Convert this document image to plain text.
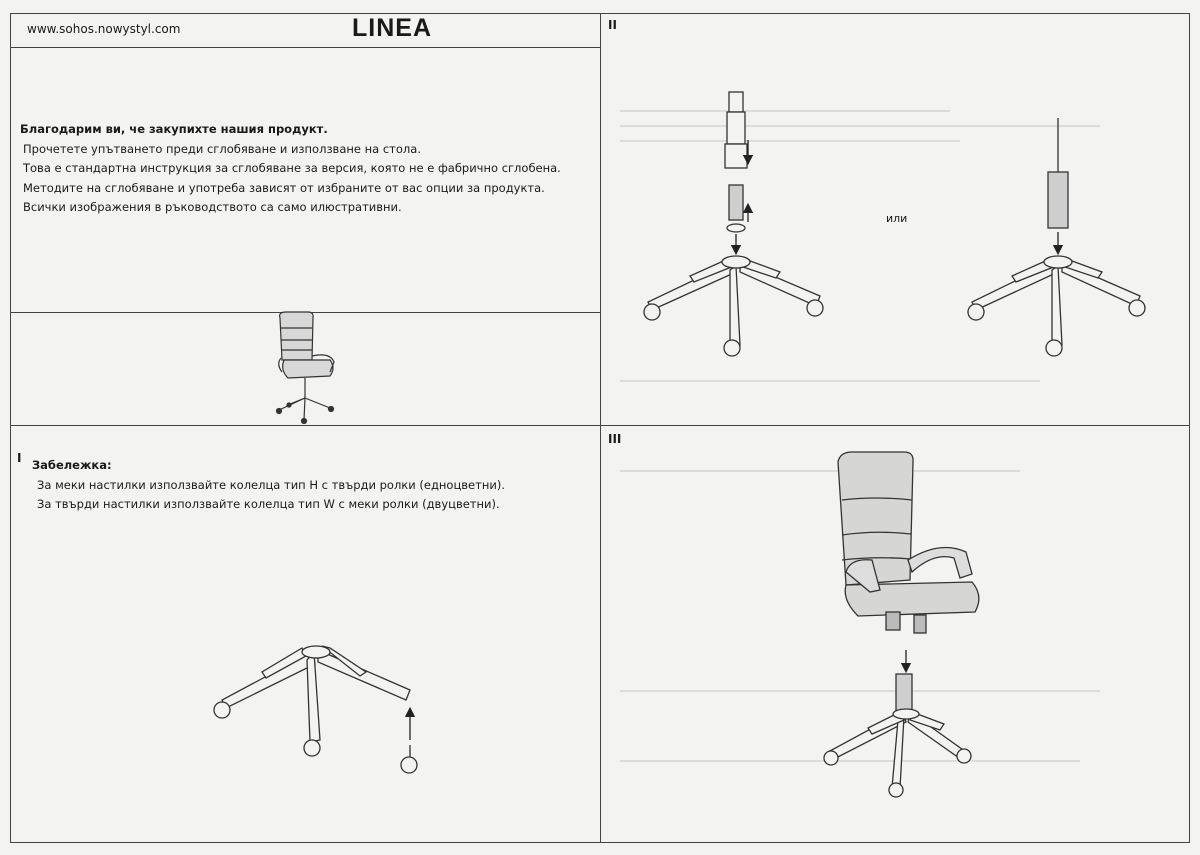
www.sohos.nowystyl.com	LINEA
Благодарим ви, че закупихте нашия продукт.
Прочетете упътването преди сглобяване и използване на стола.
Това е стандартна инструкция за сглобяване за версия, която не е фабрично сглобена.
Методите на сглобяване и употреба зависят от избраните от вас опции за продукта.
Всички изображения в ръководството са само илюстративни.
I
II
III
Забележка:
За меки настилки използвайте колелца тип H с твърди ролки (едноцветни).
За твърди настилки използвайте колелца тип W с меки ролки (двуцветни).
или
